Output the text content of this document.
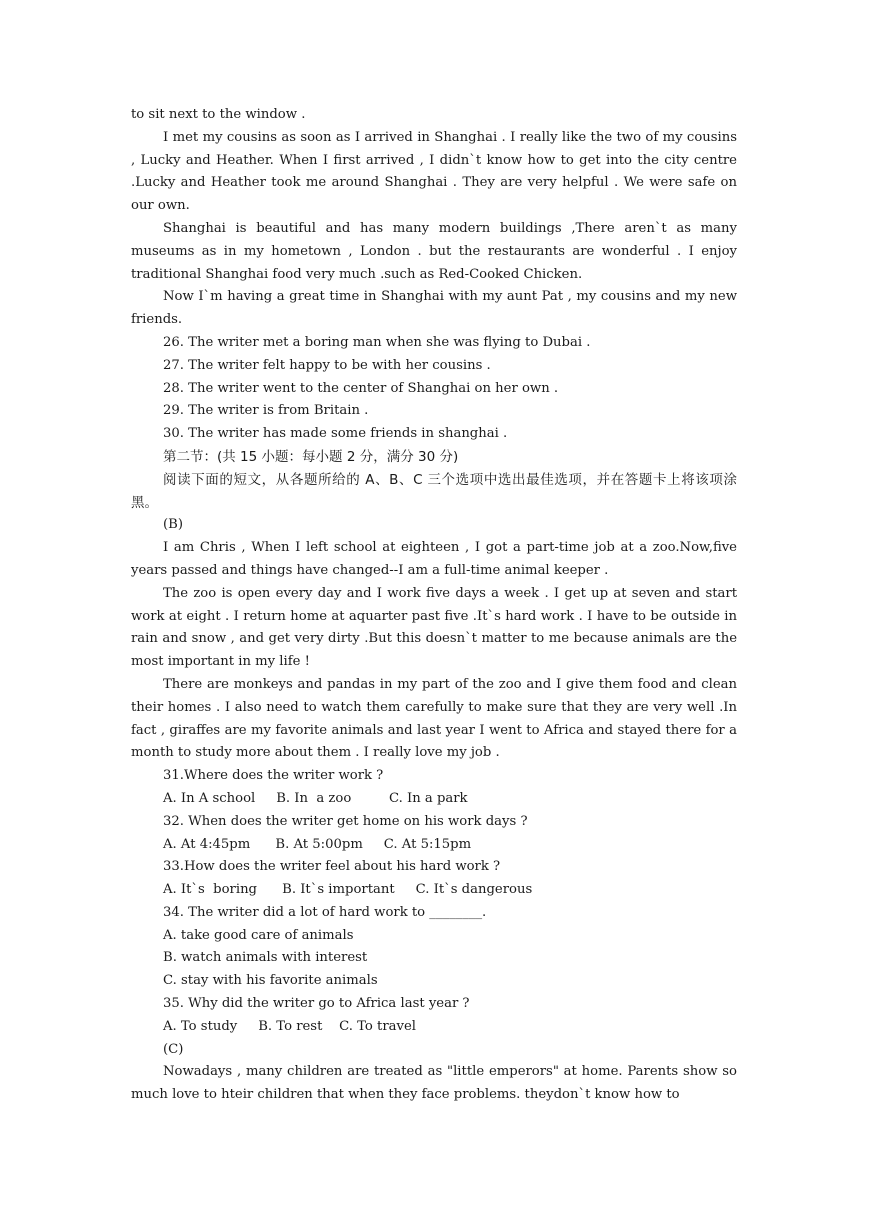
to sit next to the window .

I met my cousins as soon as I arrived in Shanghai . I really like the two of my cousins , Lucky and Heather. When I first arrived , I didn`t know how to get into the city centre .Lucky and Heather took me around Shanghai . They are very helpful . We were safe on our own.

Shanghai is beautiful and has many modern buildings ,There aren`t as many museums as in my hometown , London . but the restaurants are wonderful . I enjoy traditional Shanghai food very much .such as Red-Cooked Chicken.

Now I`m having a great time in Shanghai with my aunt Pat , my cousins and my new friends.

26. The writer met a boring man when she was flying to Dubai .

27. The writer felt happy to be with her cousins .

28. The writer went to the center of Shanghai on her own .

29. The writer is from Britain .

30. The writer has made some friends in shanghai .

第二节：(共 15 小题：每小题 2 分，满分 30 分)

阅读下面的短文，从各题所给的 A、B、C 三个选项中选出最佳选项，并在答题卡上将该项涂黑。

(B)

I am Chris , When I left school at eighteen , I got a part-time job at a zoo.Now,five years passed and things have changed--I am a full-time animal keeper .

The zoo is open every day and I work five days a week . I get up at seven and start work at eight . I return home at aquarter past five .It`s hard work . I have to be outside in rain and snow , and get very dirty .But this doesn`t matter to me because animals are the most important in my life !

There are monkeys and pandas in my part of the zoo and I give them food and clean their homes . I also need to watch them carefully to make sure that they are very well .In fact , giraffes are my favorite animals and last year I went to Africa and stayed there for a month to study more about them . I really love my job .

31.Where does the writer work ?

A. In A school     B. In  a zoo         C. In a park

32. When does the writer get home on his work days ?

A. At 4:45pm      B. At 5:00pm     C. At 5:15pm

33.How does the writer feel about his hard work ?

A. It`s  boring      B. It`s important     C. It`s dangerous

34. The writer did a lot of hard work to ________.

A. take good care of animals

B. watch animals with interest

C. stay with his favorite animals

35. Why did the writer go to Africa last year ?

A. To study     B. To rest    C. To travel

(C)

Nowadays , many children are treated as "little emperors" at home. Parents show so much love to hteir children that when they face problems. theydon`t know how to
